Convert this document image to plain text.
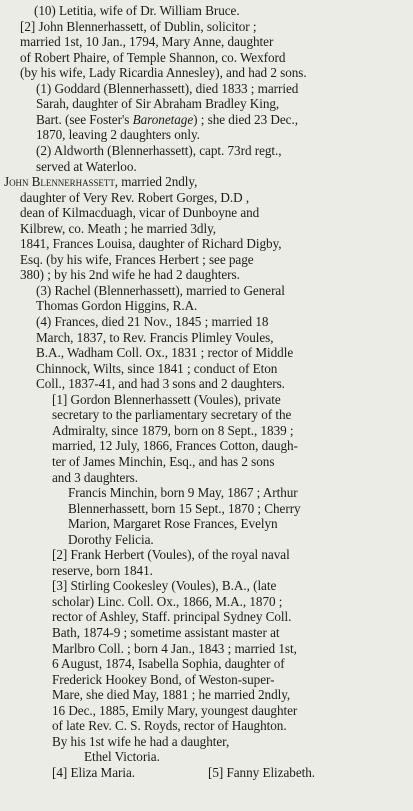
(10) Letitia, wife of Dr. William Bruce.
[2] John Blennerhassett, of Dublin, solicitor ;
married 1st, 10 Jan., 1794, Mary Anne, daughter
of Robert Phaire, of Temple Shannon, co. Wexford
(by his wife, Lady Ricardia Annesley), and had 2 sons.
(1) Goddard (Blennerhassett), died 1833 ; married
Sarah, daughter of Sir Abraham Bradley King,
Bart. (see Foster's Baronetage) ; she died 23 Dec.,
1870, leaving 2 daughters only.
(2) Aldworth (Blennerhassett), capt. 73rd regt.,
served at Waterloo.
John Blennerhassett, married 2ndly,
daughter of Very Rev. Robert Gorges, D.D ,
dean of Kilmacduagh, vicar of Dunboyne and
Kilbrew, co. Meath ; he married 3dly,
1841, Frances Louisa, daughter of Richard Digby,
Esq. (by his wife, Frances Herbert ; see page
380) ; by his 2nd wife he had 2 daughters.
(3) Rachel (Blennerhassett), married to General
Thomas Gordon Higgins, R.A.
(4) Frances, died 21 Nov., 1845 ; married 18
March, 1837, to Rev. Francis Plimley Voules,
B.A., Wadham Coll. Ox., 1831 ; rector of Middle
Chinnock, Wilts, since 1841 ; conduct of Eton
Coll., 1837-41, and had 3 sons and 2 daughters.
[1] Gordon Blennerhassett (Voules), private
secretary to the parliamentary secretary of the
Admiralty, since 1879, born on 8 Sept., 1839 ;
married, 12 July, 1866, Frances Cotton, daugh-
ter of James Minchin, Esq., and has 2 sons
and 3 daughters.
Francis Minchin, born 9 May, 1867 ; Arthur
Blennerhassett, born 15 Sept., 1870 ; Cherry
Marion, Margaret Rose Frances, Evelyn
Dorothy Felicia.
[2] Frank Herbert (Voules), of the royal naval
reserve, born 1841.
[3] Stirling Cookesley (Voules), B.A., (late
scholar) Linc. Coll. Ox., 1866, M.A., 1870 ;
rector of Ashley, Staff. principal Sydney Coll.
Bath, 1874-9 ; sometime assistant master at
Marlbro Coll. ; born 4 Jan., 1843 ; married 1st,
6 August, 1874, Isabella Sophia, daughter of
Frederick Hookey Bond, of Weston-super-
Mare, she died May, 1881 ; he married 2ndly,
16 Dec., 1885, Emily Mary, youngest daughter
of late Rev. C. S. Royds, rector of Haughton.
By his 1st wife he had a daughter,
Ethel Victoria.
[4] Eliza Maria.	[5] Fanny Elizabeth.
